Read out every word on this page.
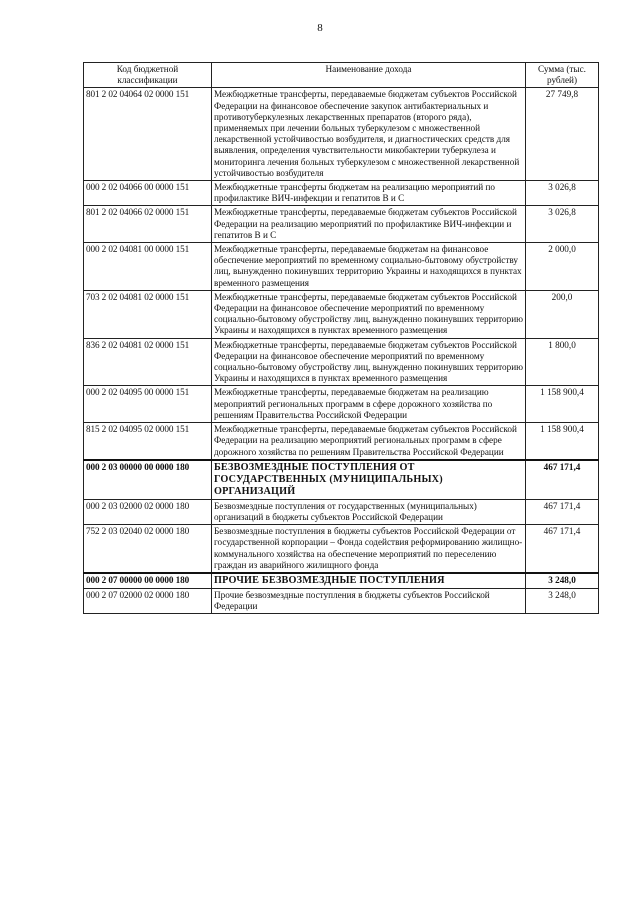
8
Код бюджетной классификации	Наименование дохода	Сумма (тыс. рублей)
801 2 02 04064 02 0000 151	Межбюджетные трансферты, передаваемые бюджетам субъектов Российской Федерации на финансовое обеспечение закупок антибактериальных и противотуберкулезных лекарственных препаратов (второго ряда), применяемых при лечении больных туберкулезом с множественной лекарственной устойчивостью возбудителя, и диагностических средств для выявления, определения чувствительности микобактерии туберкулеза и мониторинга лечения больных туберкулезом с множественной лекарственной устойчивостью возбудителя	27 749,8
000 2 02 04066 00 0000 151	Межбюджетные трансферты бюджетам на реализацию мероприятий по профилактике ВИЧ-инфекции и гепатитов В и С	3 026,8
801 2 02 04066 02 0000 151	Межбюджетные трансферты, передаваемые бюджетам субъектов Российской Федерации на реализацию мероприятий по профилактике ВИЧ-инфекции и гепатитов В и С	3 026,8
000 2 02 04081 00 0000 151	Межбюджетные трансферты, передаваемые бюджетам на финансовое обеспечение мероприятий по временному социально-бытовому обустройству лиц, вынужденно покинувших территорию Украины и находящихся в пунктах временного размещения	2 000,0
703 2 02 04081 02 0000 151	Межбюджетные трансферты, передаваемые бюджетам субъектов Российской Федерации на финансовое обеспечение мероприятий по временному социально-бытовому обустройству лиц, вынужденно покинувших территорию Украины и находящихся в пунктах временного размещения	200,0
836 2 02 04081 02 0000 151	Межбюджетные трансферты, передаваемые бюджетам субъектов Российской Федерации на финансовое обеспечение мероприятий по временному социально-бытовому обустройству лиц, вынужденно покинувших территорию Украины и находящихся в пунктах временного размещения	1 800,0
000 2 02 04095 00 0000 151	Межбюджетные трансферты, передаваемые бюджетам на реализацию мероприятий региональных программ в сфере дорожного хозяйства по решениям Правительства Российской Федерации	1 158 900,4
815 2 02 04095 02 0000 151	Межбюджетные трансферты, передаваемые бюджетам субъектов Российской Федерации на реализацию мероприятий региональных программ в сфере дорожного хозяйства по решениям Правительства Российской Федерации	1 158 900,4
000 2 03 00000 00 0000 180	БЕЗВОЗМЕЗДНЫЕ ПОСТУПЛЕНИЯ ОТ ГОСУДАРСТВЕННЫХ (МУНИЦИПАЛЬНЫХ) ОРГАНИЗАЦИЙ	467 171,4
000 2 03 02000 02 0000 180	Безвозмездные поступления от государственных (муниципальных) организаций в бюджеты субъектов Российской Федерации	467 171,4
752 2 03 02040 02 0000 180	Безвозмездные поступления в бюджеты субъектов Российской Федерации от государственной корпорации – Фонда содействия реформированию жилищно-коммунального хозяйства на обеспечение мероприятий по переселению граждан из аварийного жилищного фонда	467 171,4
000 2 07 00000 00 0000 180	ПРОЧИЕ БЕЗВОЗМЕЗДНЫЕ ПОСТУПЛЕНИЯ	3 248,0
000 2 07 02000 02 0000 180	Прочие безвозмездные поступления в бюджеты субъектов Российской Федерации	3 248,0
